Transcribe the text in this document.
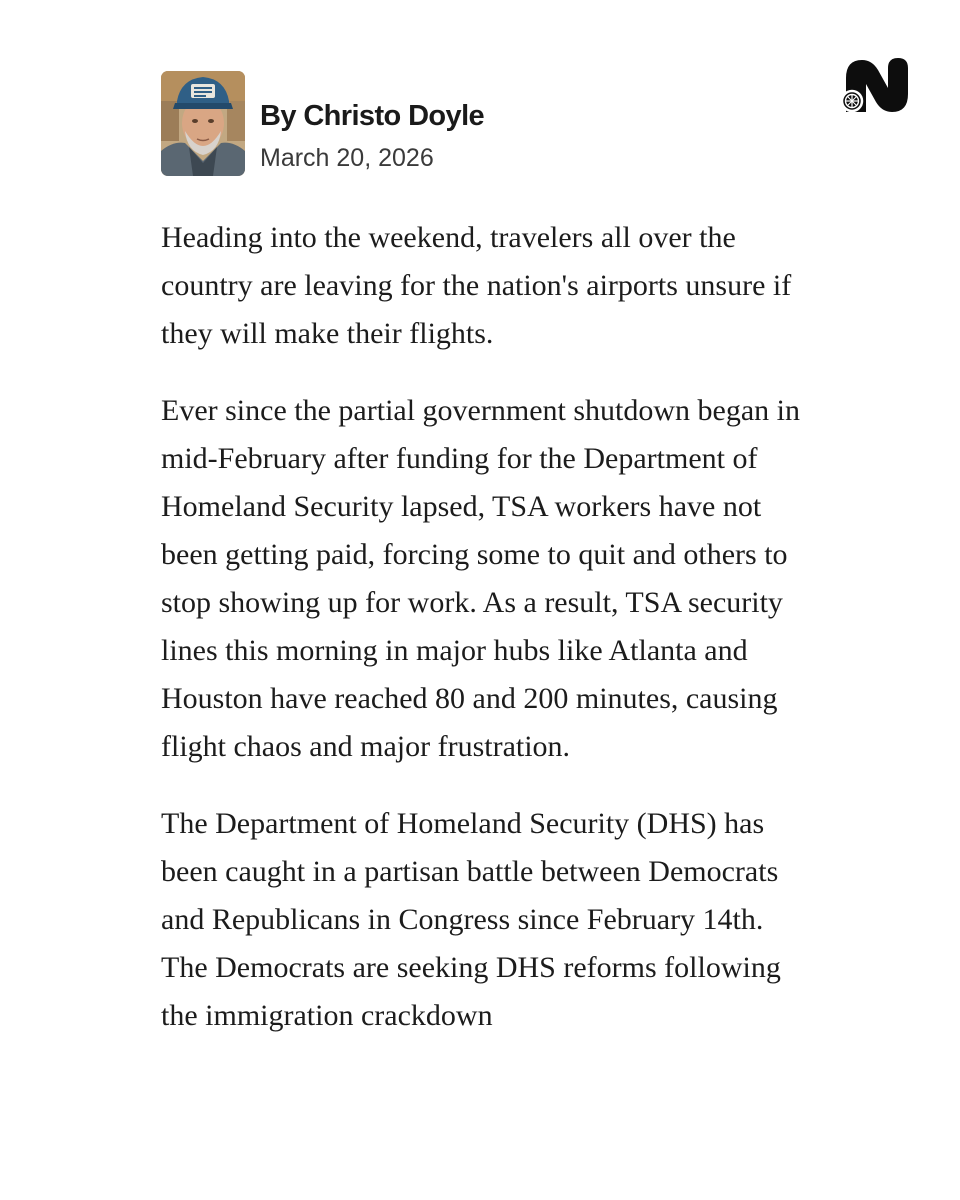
By Christo Doyle
March 20, 2026

Heading into the weekend, travelers all over the country are leaving for the nation's airports unsure if they will make their flights.

Ever since the partial government shutdown began in mid-February after funding for the Department of Homeland Security lapsed, TSA workers have not been getting paid, forcing some to quit and others to stop showing up for work. As a result, TSA security lines this morning in major hubs like Atlanta and Houston have reached 80 and 200 minutes, causing flight chaos and major frustration.

The Department of Homeland Security (DHS) has been caught in a partisan battle between Democrats and Republicans in Congress since February 14th. The Democrats are seeking DHS reforms following the immigration crackdown
